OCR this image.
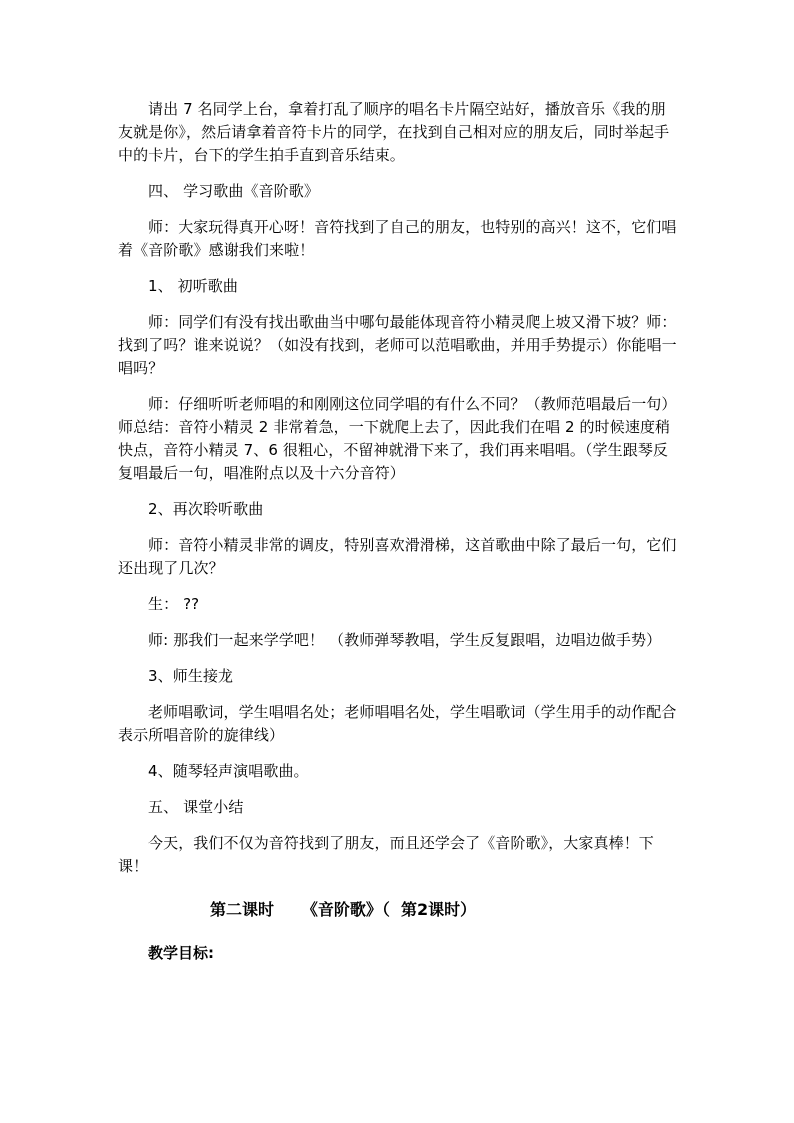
请出 7 名同学上台，拿着打乱了顺序的唱名卡片隔空站好，播放音乐《我的朋友就是你》，然后请拿着音符卡片的同学，在找到自己相对应的朋友后，同时举起手中的卡片，台下的学生拍手直到音乐结束。

四、 学习歌曲《音阶歌》

师：大家玩得真开心呀！音符找到了自己的朋友，也特别的高兴！这不，它们唱着《音阶歌》感谢我们来啦！

1、 初听歌曲

师：同学们有没有找出歌曲当中哪句最能体现音符小精灵爬上坡又滑下坡？师：找到了吗？谁来说说？（如没有找到，老师可以范唱歌曲，并用手势提示）你能唱一唱吗？

师：仔细听听老师唱的和刚刚这位同学唱的有什么不同？（教师范唱最后一句） 师总结：音符小精灵 2 非常着急，一下就爬上去了，因此我们在唱 2 的时候速度稍快点，音符小精灵 7、6 很粗心，不留神就滑下来了，我们再来唱唱。（学生跟琴反复唱最后一句，唱准附点以及十六分音符）

2、再次聆听歌曲

师：音符小精灵非常的调皮，特别喜欢滑滑梯，这首歌曲中除了最后一句，它们还出现了几次？

生： ??

师: 那我们一起来学学吧！ （教师弹琴教唱，学生反复跟唱，边唱边做手势）

3、师生接龙

老师唱歌词，学生唱唱名处；老师唱唱名处，学生唱歌词（学生用手的动作配合 表示所唱音阶的旋律线）

4、随琴轻声演唱歌曲。

五、 课堂小结

今天，我们不仅为音符找到了朋友，而且还学会了《音阶歌》，大家真棒！下课！

第二课时     《音阶歌》（  第2课时）

教学目标:
